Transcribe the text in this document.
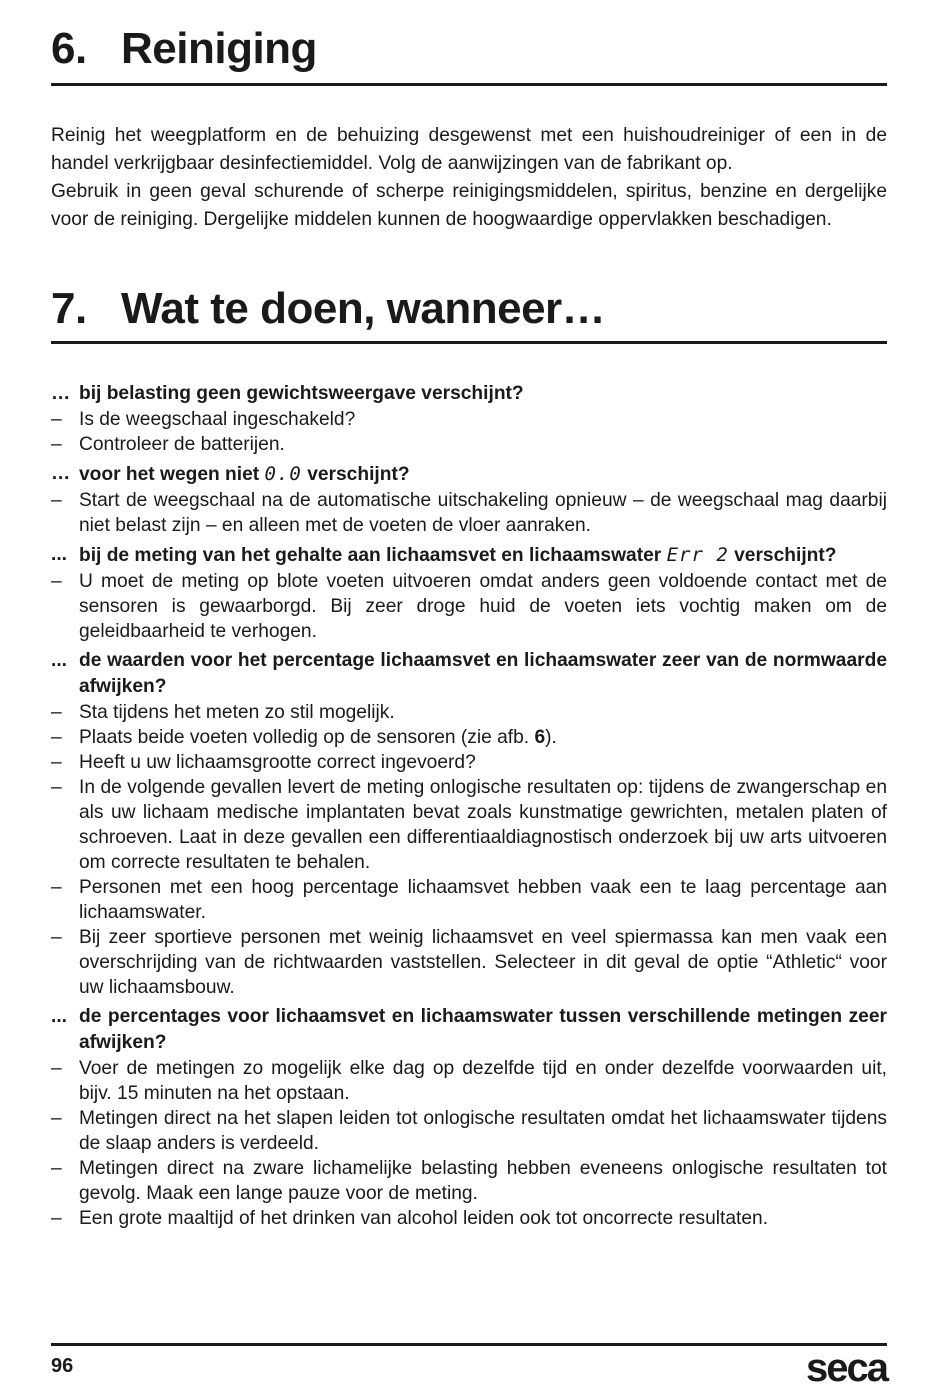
6. Reiniging

Reinig het weegplatform en de behuizing desgewenst met een huishoudreiniger of een in de handel verkrijgbaar desinfectiemiddel. Volg de aanwijzingen van de fabrikant op.

Gebruik in geen geval schurende of scherpe reinigingsmiddelen, spiritus, benzine en dergelijke voor de reiniging. Dergelijke middelen kunnen de hoogwaardige oppervlakken beschadigen.

7. Wat te doen, wanneer…
… bij belasting geen gewichtsweergave verschijnt?
– Is de weegschaal ingeschakeld?
– Controleer de batterijen.
… voor het wegen niet 0.0 verschijnt?
– Start de weegschaal na de automatische uitschakeling opnieuw – de weegschaal mag daarbij niet belast zijn – en alleen met de voeten de vloer aanraken.
... bij de meting van het gehalte aan lichaamsvet en lichaamswater Err 2 verschijnt?
– U moet de meting op blote voeten uitvoeren omdat anders geen voldoende contact met de sensoren is gewaarborgd. Bij zeer droge huid de voeten iets vochtig maken om de geleidbaarheid te verhogen.
... de waarden voor het percentage lichaamsvet en lichaamswater zeer van de normwaarde afwijken?
– Sta tijdens het meten zo stil mogelijk.
– Plaats beide voeten volledig op de sensoren (zie afb. 6).
– Heeft u uw lichaamsgrootte correct ingevoerd?
– In de volgende gevallen levert de meting onlogische resultaten op: tijdens de zwangerschap en als uw lichaam medische implantaten bevat zoals kunstmatige gewrichten, metalen platen of schroeven. Laat in deze gevallen een differentiaaldiagnostisch onderzoek bij uw arts uitvoeren om correcte resultaten te behalen.
– Personen met een hoog percentage lichaamsvet hebben vaak een te laag percentage aan lichaamswater.
– Bij zeer sportieve personen met weinig lichaamsvet en veel spiermassa kan men vaak een overschrijding van de richtwaarden vaststellen. Selecteer in dit geval de optie “Athletic“ voor uw lichaamsbouw.
... de percentages voor lichaamsvet en lichaamswater tussen verschillende metingen zeer afwijken?
– Voer de metingen zo mogelijk elke dag op dezelfde tijd en onder dezelfde voorwaarden uit, bijv. 15 minuten na het opstaan.
– Metingen direct na het slapen leiden tot onlogische resultaten omdat het lichaamswater tijdens de slaap anders is verdeeld.
– Metingen direct na zware lichamelijke belasting hebben eveneens onlogische resultaten tot gevolg. Maak een lange pauze voor de meting.
– Een grote maaltijd of het drinken van alcohol leiden ook tot oncorrecte resultaten.
96	seca
